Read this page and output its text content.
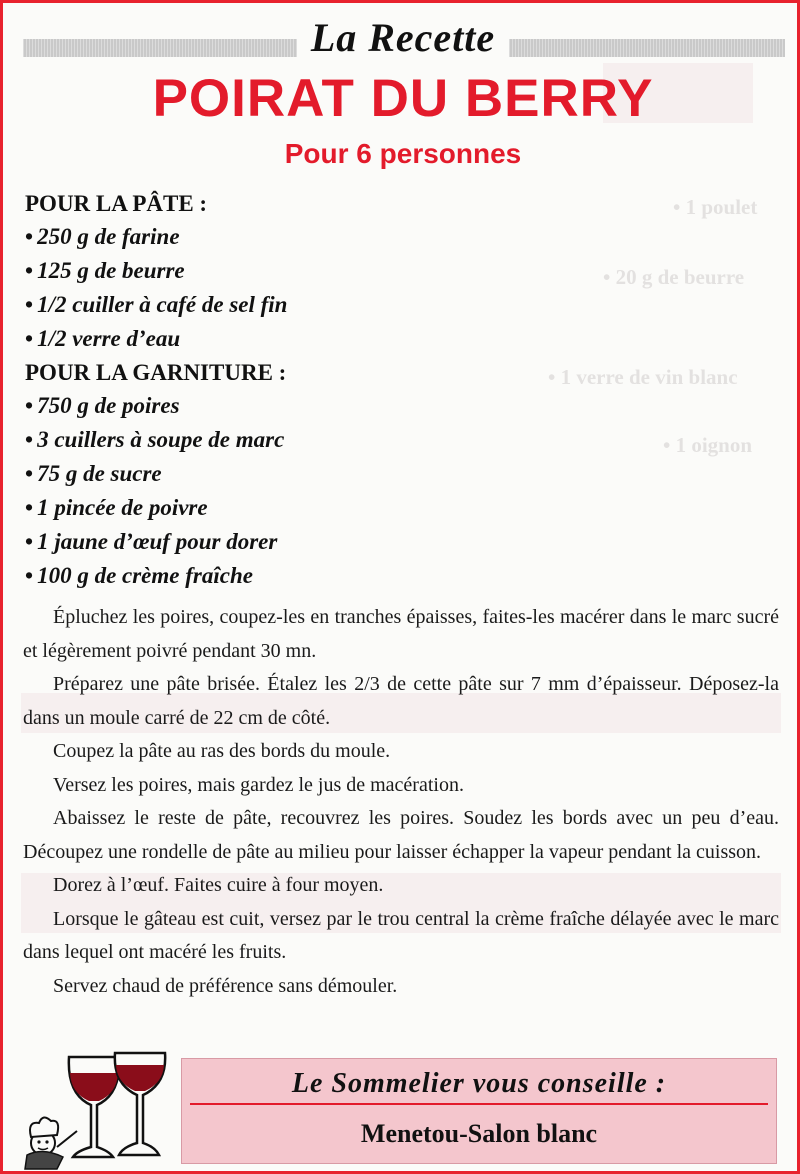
• 1 poulet
• 20 g de beurre
• 1 verre de vin blanc
• 1 oignon
La Recette
POIRAT DU BERRY
Pour 6 personnes
POUR LA PÂTE :
• 250 g de farine
• 125 g de beurre
• 1/2 cuiller à café de sel fin
• 1/2 verre d’eau
POUR LA GARNITURE :
• 750 g de poires
• 3 cuillers à soupe de marc
• 75 g de sucre
• 1 pincée de poivre
• 1 jaune d’œuf pour dorer
• 100 g de crème fraîche

Épluchez les poires, coupez-les en tranches épaisses, faites-les macérer dans le marc sucré et légèrement poivré pendant 30 mn.

Préparez une pâte brisée. Étalez les 2/3 de cette pâte sur 7 mm d’épaisseur. Déposez-la dans un moule carré de 22 cm de côté.

Coupez la pâte au ras des bords du moule.

Versez les poires, mais gardez le jus de macération.

Abaissez le reste de pâte, recouvrez les poires. Soudez les bords avec un peu d’eau. Découpez une rondelle de pâte au milieu pour laisser échapper la vapeur pendant la cuisson.

Dorez à l’œuf. Faites cuire à four moyen.

Lorsque le gâteau est cuit, versez par le trou central la crème fraîche délayée avec le marc dans lequel ont macéré les fruits.

Servez chaud de préférence sans démouler.

Le Sommelier vous conseille :
Menetou-Salon blanc
